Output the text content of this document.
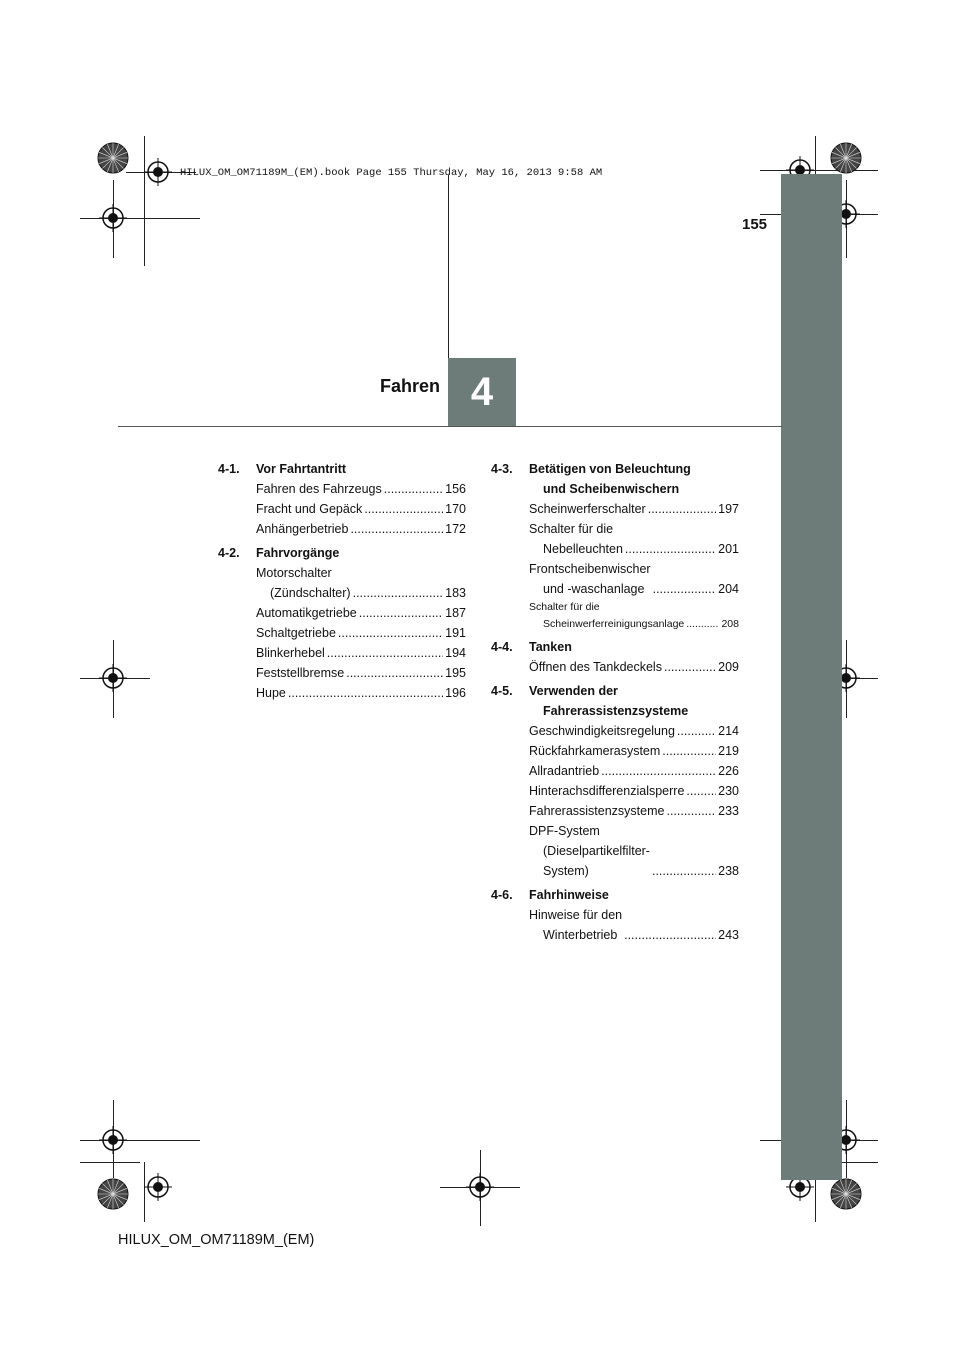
HILUX_OM_OM71189M_(EM).book Page 155 Thursday, May 16, 2013 9:58 AM
155
Fahren 4
4-1. Vor Fahrtantritt
Fahren des Fahrzeugs .....	156
Fracht und Gepäck .....	170
Anhängerbetrieb .....	172
4-2. Fahrvorgänge
Motorschalter
(Zündschalter) .....	183
Automatikgetriebe .....	187
Schaltgetriebe .....	191
Blinkerhebel .....	194
Feststellbremse .....	195
Hupe .....	196
4-3. Betätigen von Beleuchtung
und Scheibenwischern
Scheinwerferschalter .....	197
Schalter für die
Nebelleuchten .....	201
Frontscheibenwischer
und -waschanlage .....	204
Schalter für die
Scheinwerferreinigungsanlage .....	208
4-4. Tanken
Öffnen des Tankdeckels .....	209
4-5. Verwenden der
Fahrerassistenzsysteme
Geschwindigkeitsregelung .....	214
Rückfahrkamerasystem .....	219
Allradantrieb .....	226
Hinterachsdifferenzialsperre .....	230
Fahrerassistenzsysteme .....	233
DPF-System
(Dieselpartikelfilter-
System) .....	238
4-6. Fahrhinweise
Hinweise für den
Winterbetrieb .....	243
HILUX_OM_OM71189M_(EM)
